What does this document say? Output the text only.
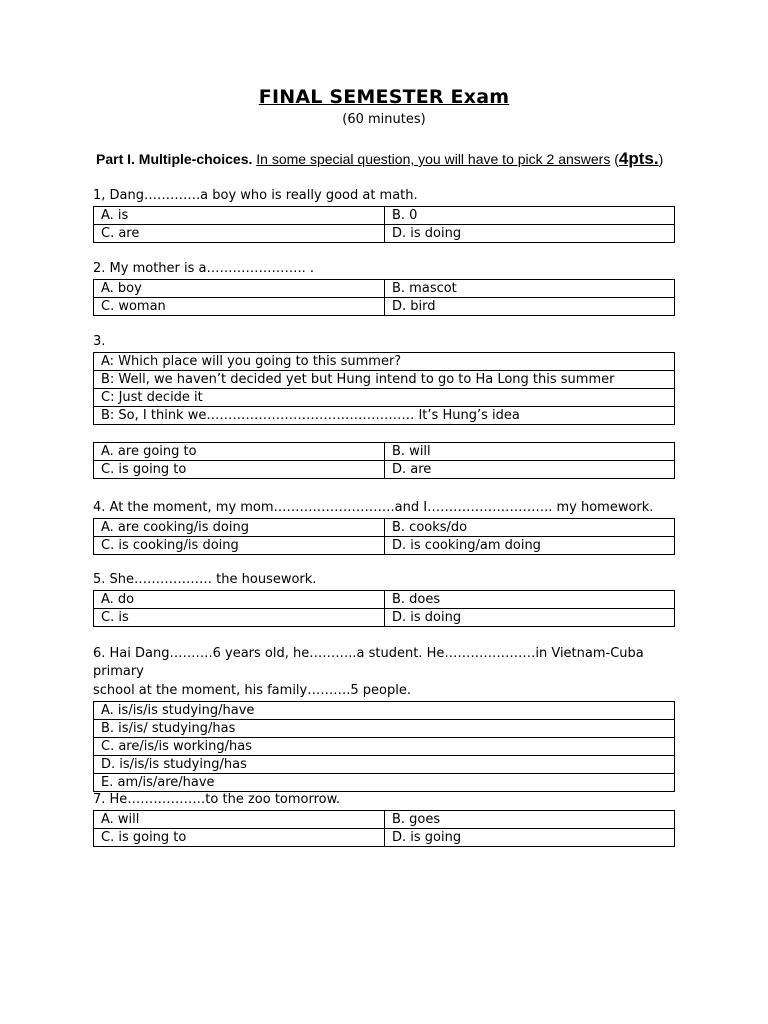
FINAL SEMESTER Exam
(60 minutes)
Part I. Multiple-choices. In some special question, you will have to pick 2 answers (4pts.)
1, Dang………….a boy who is really good at math.
A. is	B. 0
C. are	D. is doing
2. My mother is a………………….. .
A. boy	B. mascot
C. woman	D. bird
3.
A: Which place will you going to this summer?
B: Well, we haven’t decided yet but Hung intend to go to Ha Long this summer
C: Just decide it
B: So, I think we………………………………………… It’s Hung’s idea
A. are going to	B. will
C. is going to	D. are
4. At the moment, my mom……………………….and I……………………….. my homework.
A. are cooking/is doing	B. cooks/do
C. is cooking/is doing	D. is cooking/am doing
5. She……………… the housework.
A. do	B. does
C. is	D. is doing
6. Hai Dang……….6 years old, he………..a student. He…………………in Vietnam-Cuba primary
school at the moment, his family……….5 people.
A. is/is/is studying/have
B. is/is/ studying/has
C. are/is/is working/has
D. is/is/is studying/has
E. am/is/are/have
7. He………………to the zoo tomorrow.
A. will	B. goes
C. is going to	D. is going
